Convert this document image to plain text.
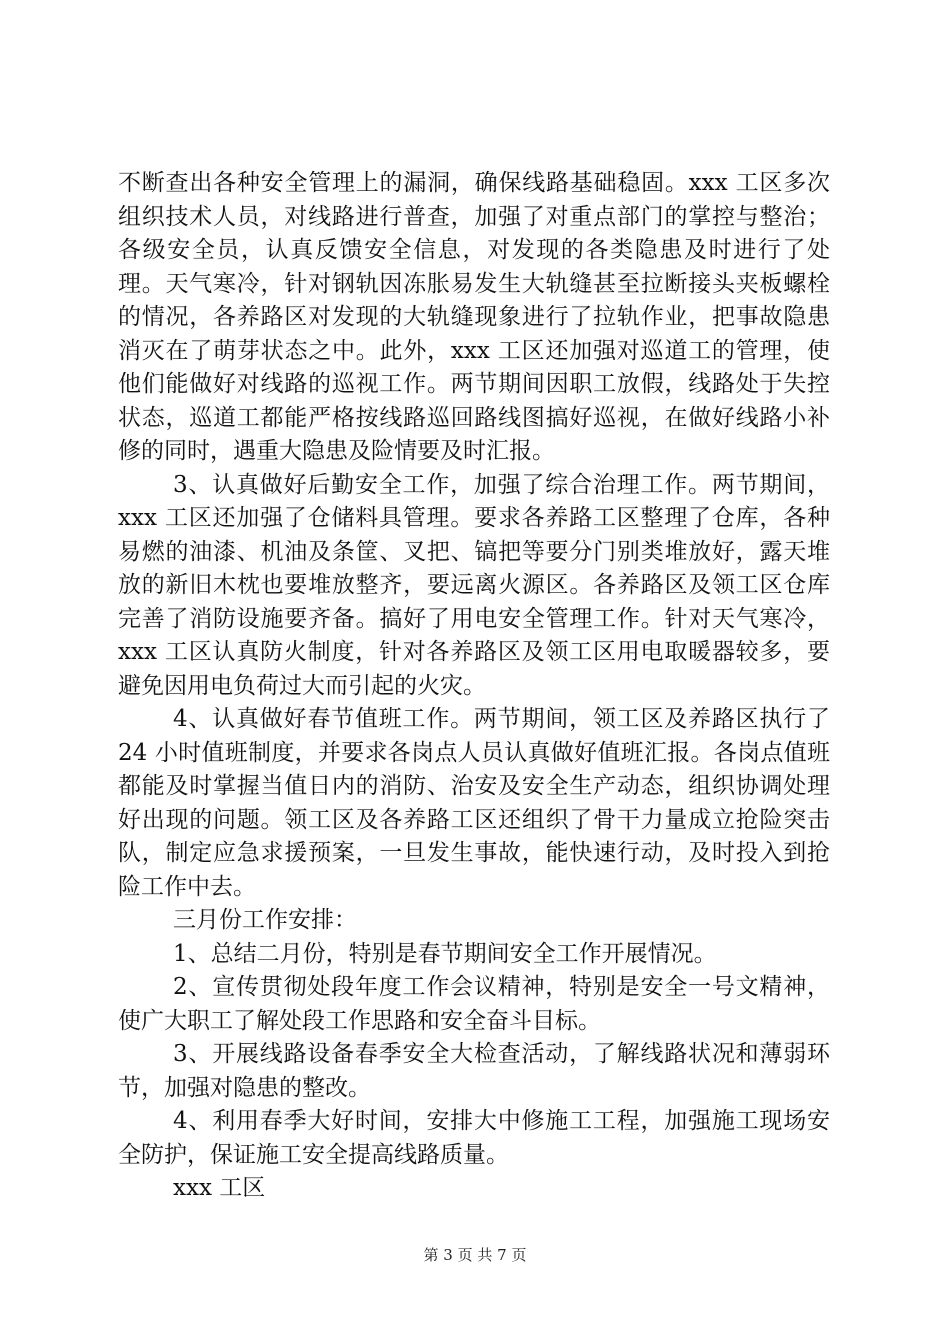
不断查出各种安全管理上的漏洞，确保线路基础稳固。xxx 工区多次组织技术人员，对线路进行普查，加强了对重点部门的掌控与整治；各级安全员，认真反馈安全信息，对发现的各类隐患及时进行了处理。天气寒冷，针对钢轨因冻胀易发生大轨缝甚至拉断接头夹板螺栓的情况，各养路区对发现的大轨缝现象进行了拉轨作业，把事故隐患消灭在了萌芽状态之中。此外，xxx 工区还加强对巡道工的管理，使他们能做好对线路的巡视工作。两节期间因职工放假，线路处于失控状态，巡道工都能严格按线路巡回路线图搞好巡视，在做好线路小补修的同时，遇重大隐患及险情要及时汇报。

3、认真做好后勤安全工作，加强了综合治理工作。两节期间，xxx 工区还加强了仓储料具管理。要求各养路工区整理了仓库，各种易燃的油漆、机油及条筐、叉把、镐把等要分门别类堆放好，露天堆放的新旧木枕也要堆放整齐，要远离火源区。各养路区及领工区仓库完善了消防设施要齐备。搞好了用电安全管理工作。针对天气寒冷，xxx 工区认真防火制度，针对各养路区及领工区用电取暖器较多，要避免因用电负荷过大而引起的火灾。

4、认真做好春节值班工作。两节期间，领工区及养路区执行了 24 小时值班制度，并要求各岗点人员认真做好值班汇报。各岗点值班都能及时掌握当值日内的消防、治安及安全生产动态，组织协调处理好出现的问题。领工区及各养路工区还组织了骨干力量成立抢险突击队，制定应急求援预案，一旦发生事故，能快速行动，及时投入到抢险工作中去。

三月份工作安排：

1、总结二月份，特别是春节期间安全工作开展情况。

2、宣传贯彻处段年度工作会议精神，特别是安全一号文精神，使广大职工了解处段工作思路和安全奋斗目标。

3、开展线路设备春季安全大检查活动，了解线路状况和薄弱环节，加强对隐患的整改。

4、利用春季大好时间，安排大中修施工工程，加强施工现场安全防护，保证施工安全提高线路质量。

xxx 工区

第 3 页 共 7 页
